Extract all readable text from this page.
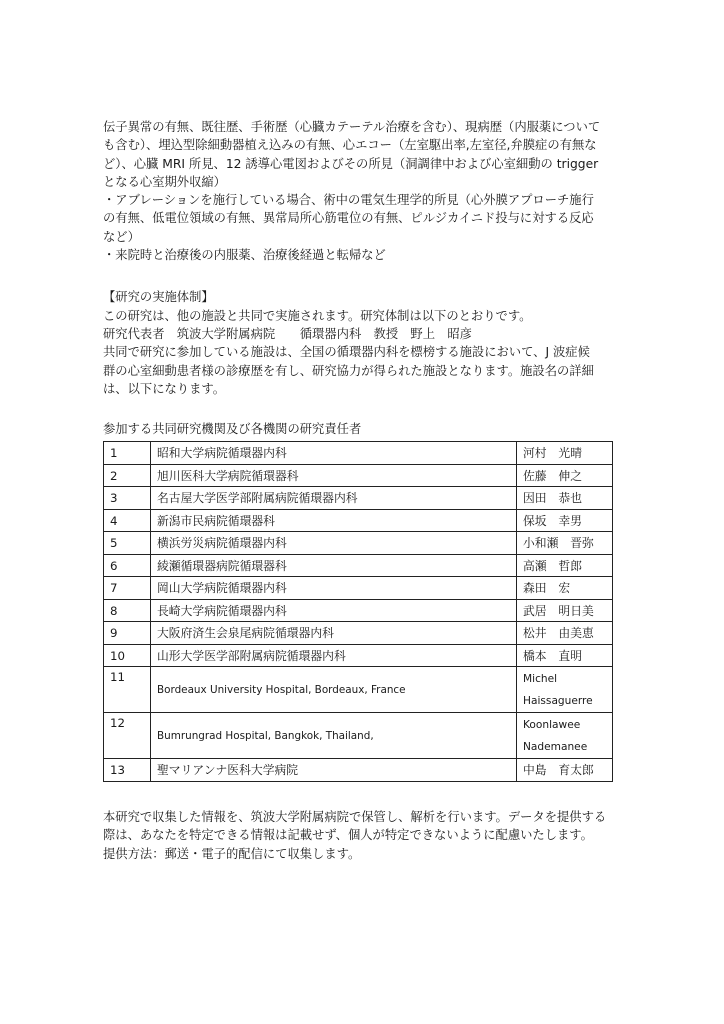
伝子異常の有無、既往歴、手術歴（心臓カテーテル治療を含む）、現病歴（内服薬について

も含む）、埋込型除細動器植え込みの有無、心エコー（左室駆出率,左室径,弁膜症の有無な

ど）、心臓 MRI 所見、12 誘導心電図およびその所見（洞調律中および心室細動の trigger

となる心室期外収縮）

・アブレーションを施行している場合、術中の電気生理学的所見（心外膜アプローチ施行

の有無、低電位領域の有無、異常局所心筋電位の有無、ピルジカイニド投与に対する反応

など）

・来院時と治療後の内服薬、治療後経過と転帰など

【研究の実施体制】

この研究は、他の施設と共同で実施されます。研究体制は以下のとおりです。

研究代表者　筑波大学附属病院　　循環器内科　教授　野上　昭彦

共同で研究に参加している施設は、全国の循環器内科を標榜する施設において、J 波症候

群の心室細動患者様の診療歴を有し、研究協力が得られた施設となります。施設名の詳細

は、以下になります。

参加する共同研究機関及び各機関の研究責任者

1	昭和大学病院循環器内科	河村　光晴
2	旭川医科大学病院循環器科	佐藤　伸之
3	名古屋大学医学部附属病院循環器内科	因田　恭也
4	新潟市民病院循環器科	保坂　幸男
5	横浜労災病院循環器内科	小和瀬　晋弥
6	綾瀬循環器病院循環器科	高瀬　哲郎
7	岡山大学病院循環器内科	森田　宏
8	長崎大学病院循環器内科	武居　明日美
9	大阪府済生会泉尾病院循環器内科	松井　由美恵
10	山形大学医学部附属病院循環器内科	橋本　直明
11	Bordeaux University Hospital, Bordeaux, France	Michel
Haissaguerre

12	Bumrungrad Hospital, Bangkok, Thailand,	Koonlawee
Nademanee

13	聖マリアンナ医科大学病院	中島　育太郎

本研究で収集した情報を、筑波大学附属病院で保管し、解析を行います。データを提供する

際は、あなたを特定できる情報は記載せず、個人が特定できないように配慮いたします。

提供方法：郵送・電子的配信にて収集します。
